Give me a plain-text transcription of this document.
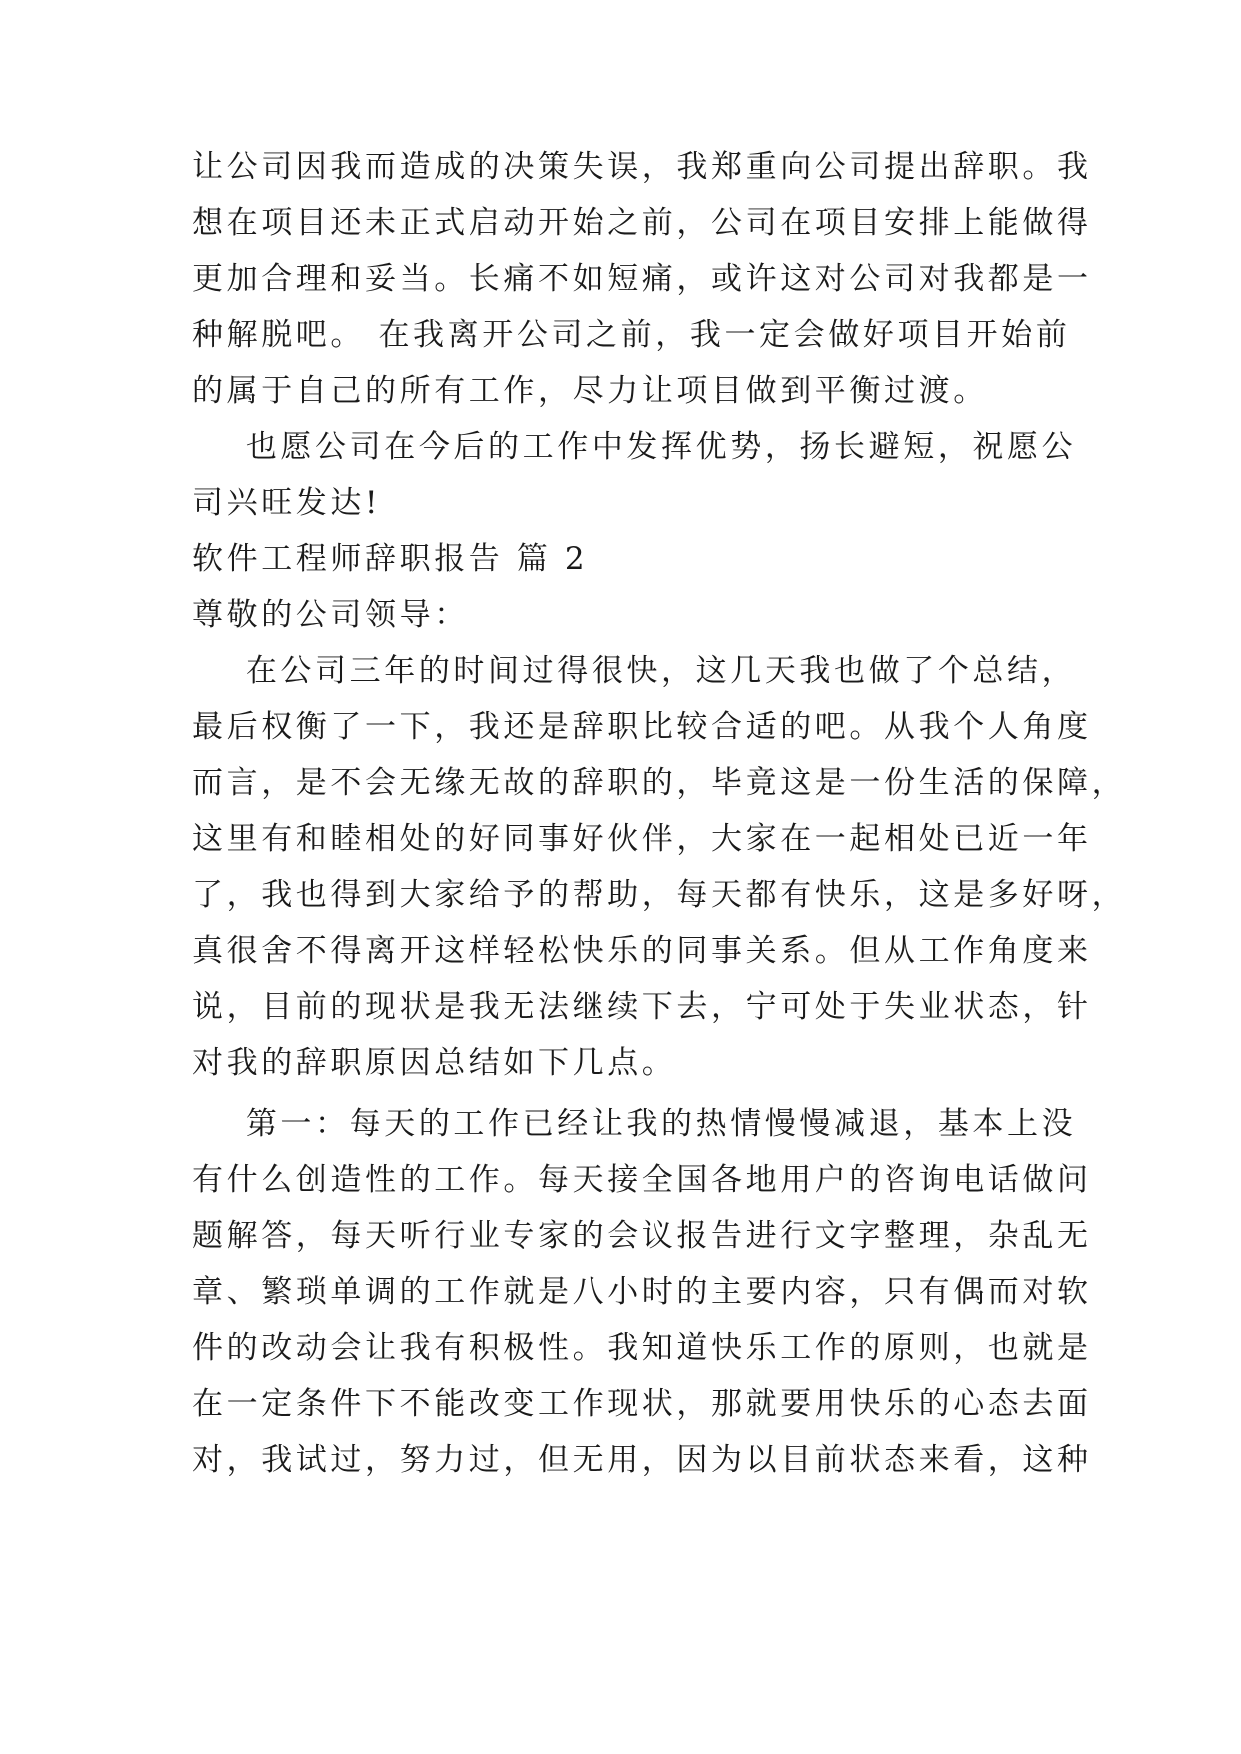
让公司因我而造成的决策失误，我郑重向公司提出辞职。我
想在项目还未正式启动开始之前，公司在项目安排上能做得
更加合理和妥当。长痛不如短痛，或许这对公司对我都是一
种解脱吧。 在我离开公司之前，我一定会做好项目开始前
的属于自己的所有工作，尽力让项目做到平衡过渡。
也愿公司在今后的工作中发挥优势，扬长避短，祝愿公
司兴旺发达!
软件工程师辞职报告 篇 2
尊敬的公司领导：
在公司三年的时间过得很快，这几天我也做了个总结，
最后权衡了一下，我还是辞职比较合适的吧。从我个人角度
而言，是不会无缘无故的辞职的，毕竟这是一份生活的保障，
这里有和睦相处的好同事好伙伴，大家在一起相处已近一年
了，我也得到大家给予的帮助，每天都有快乐，这是多好呀，
真很舍不得离开这样轻松快乐的同事关系。但从工作角度来
说，目前的现状是我无法继续下去，宁可处于失业状态，针
对我的辞职原因总结如下几点。
第一：每天的工作已经让我的热情慢慢减退，基本上没
有什么创造性的工作。每天接全国各地用户的咨询电话做问
题解答，每天听行业专家的会议报告进行文字整理，杂乱无
章、繁琐单调的工作就是八小时的主要内容，只有偶而对软
件的改动会让我有积极性。我知道快乐工作的原则，也就是
在一定条件下不能改变工作现状，那就要用快乐的心态去面
对，我试过，努力过，但无用，因为以目前状态来看，这种
